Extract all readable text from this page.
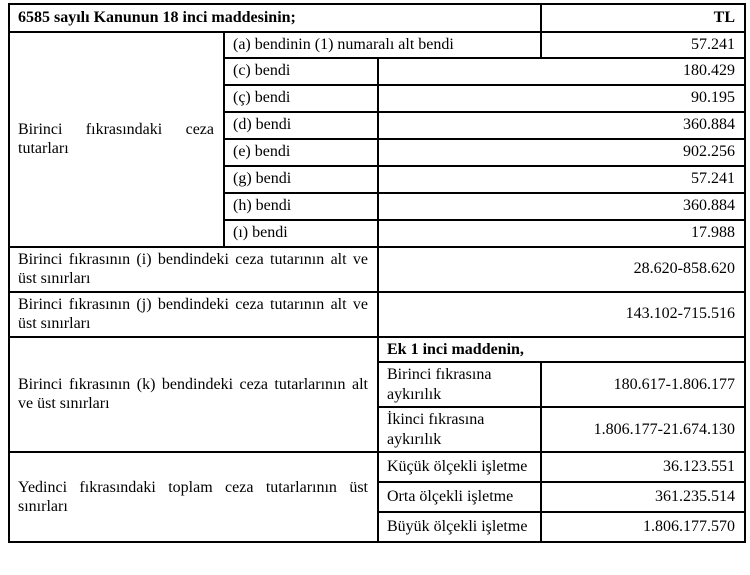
6585 sayılı Kanunun 18 inci maddesinin;			TL
Birinci fıkrasındaki ceza tutarları	(a) bendinin (1) numaralı alt bendi		57.241
	(c) bendi	180.429	
	(ç) bendi	90.195	
	(d) bendi	360.884	
	(e) bendi	902.256	
	(g) bendi	57.241	
	(h) bendi	360.884	
	(ı) bendi	17.988	
Birinci fıkrasının (i) bendindeki ceza tutarının alt ve üst sınırları		28.620-858.620	
Birinci fıkrasının (j) bendindeki ceza tutarının alt ve üst sınırları		143.102-715.516	
Birinci fıkrasının (k) bendindeki ceza tutarlarının alt ve üst sınırları		Ek 1 inci maddenin,	
		Birinci fıkrasına aykırılık	180.617-1.806.177
		İkinci fıkrasına aykırılık	1.806.177-21.674.130
Yedinci fıkrasındaki toplam ceza tutarlarının üst sınırları		Küçük ölçekli işletme	36.123.551
		Orta ölçekli işletme	361.235.514
		Büyük ölçekli işletme	1.806.177.570
